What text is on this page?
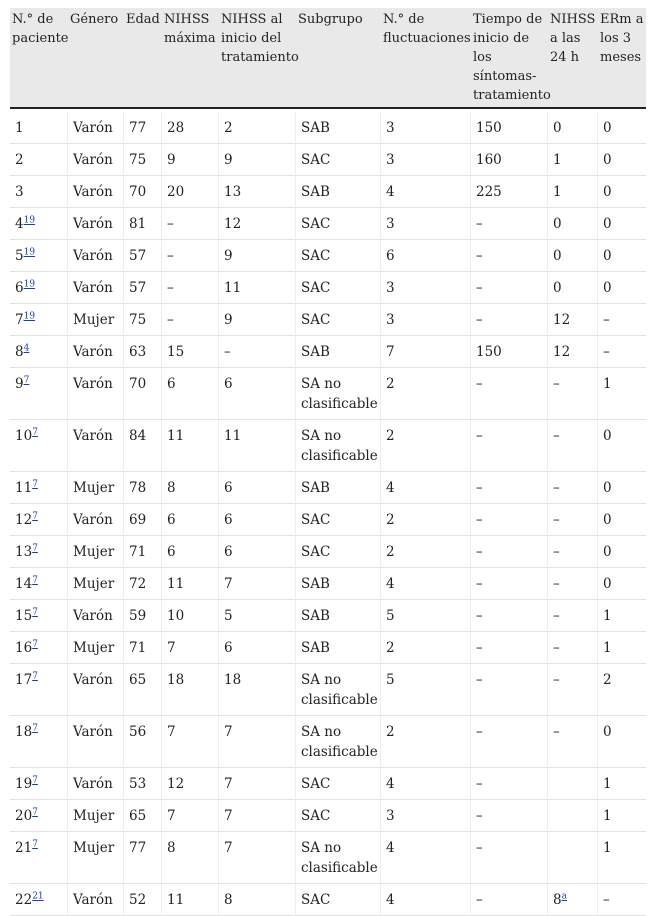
N.° de paciente	Género	Edad	NIHSS máxima	NIHSS al inicio del tratamiento	Subgrupo	N.° de fluctuaciones	Tiempo de inicio de los síntomas-tratamiento	NIHSS a las 24 h	ERm a los 3 meses
1	Varón	77	28	2	SAB	3	150	0	0
2	Varón	75	9	9	SAC	3	160	1	0
3	Varón	70	20	13	SAB	4	225	1	0
4$^{19}$	Varón	81	–	12	SAC	3	–	0	0
5$^{19}$	Varón	57	–	9	SAC	6	–	0	0
6$^{19}$	Varón	57	–	11	SAC	3	–	0	0
7$^{19}$	Mujer	75	–	9	SAC	3	–	12	–
8$^4$	Varón	63	15	–	SAB	7	150	12	–
9$^7$	Varón	70	6	6	SA no clasificable	2	–	–	1
10$^7$	Varón	84	11	11	SA no clasificable	2	–	–	0
11$^7$	Mujer	78	8	6	SAB	4	–	–	0
12$^7$	Varón	69	6	6	SAC	2	–	–	0
13$^7$	Mujer	71	6	6	SAC	2	–	–	0
14$^7$	Mujer	72	11	7	SAB	4	–	–	0
15$^7$	Varón	59	10	5	SAB	5	–	–	1
16$^7$	Mujer	71	7	6	SAB	2	–	–	1
17$^7$	Varón	65	18	18	SA no clasificable	5	–	–	2
18$^7$	Varón	56	7	7	SA no clasificable	2	–	–	0
19$^7$	Varón	53	12	7	SAC	4	–		1
20$^7$	Mujer	65	7	7	SAC	3	–		1
21$^7$	Mujer	77	8	7	SA no clasificable	4	–		1
22$^{21}$	Varón	52	11	8	SAC	4	–	8$^a$	–
